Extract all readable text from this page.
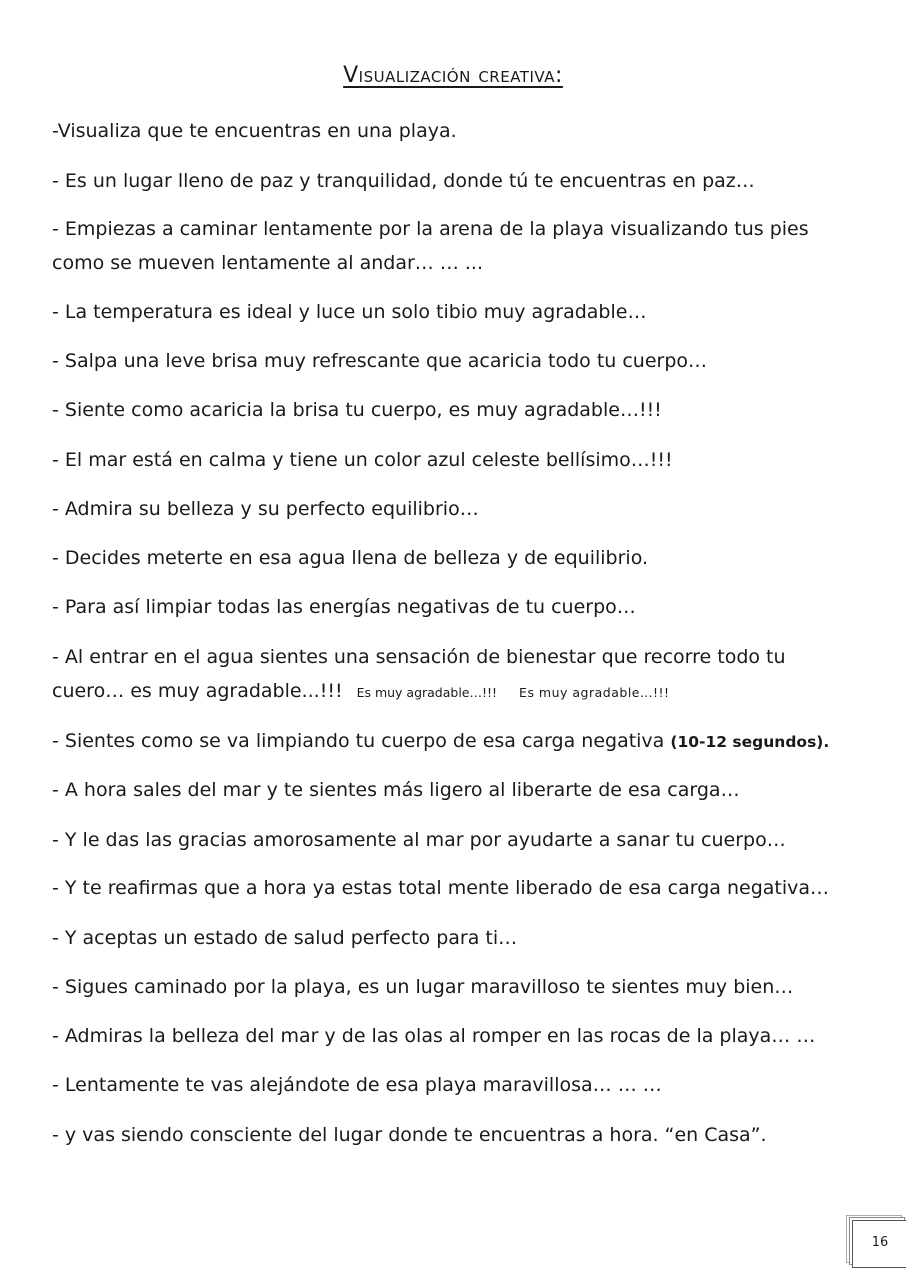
Visualización creativa:
-Visualiza que te encuentras en una playa.
- Es un lugar lleno de paz y tranquilidad, donde tú te encuentras en paz…
- Empiezas a caminar lentamente por la arena de la playa visualizando tus pies como se mueven lentamente al andar… … ...
- La temperatura es ideal y luce un solo tibio muy agradable…
- Salpa una leve brisa muy refrescante que acaricia todo tu cuerpo…
- Siente como acaricia la brisa tu cuerpo, es muy agradable…!!!
- El mar está en calma y tiene un color azul celeste bellísimo…!!!
- Admira su belleza y su perfecto equilibrio…
- Decides meterte en esa agua llena de belleza y de equilibrio.
- Para así limpiar todas las energías negativas de tu cuerpo…
- Al entrar en el agua sientes una sensación de bienestar que recorre todo tu
cuero… es muy agradable...!!! Es muy agradable…!!! Es muy agradable…!!!
- Sientes como se va limpiando tu cuerpo de esa carga negativa (10-12 segundos).
- A hora sales del mar y te sientes más ligero al liberarte de esa carga…
- Y le das las gracias amorosamente al mar por ayudarte a sanar tu cuerpo…
- Y te reafirmas que a hora ya estas total mente liberado de esa carga negativa…
- Y aceptas un estado de salud perfecto para ti…
- Sigues caminado por la playa, es un lugar maravilloso te sientes muy bien…
- Admiras la belleza del mar y de las olas al romper en las rocas de la playa… …
- Lentamente te vas alejándote de esa playa maravillosa… … …
- y vas siendo consciente del lugar donde te encuentras a hora. “en Casa”.
16
